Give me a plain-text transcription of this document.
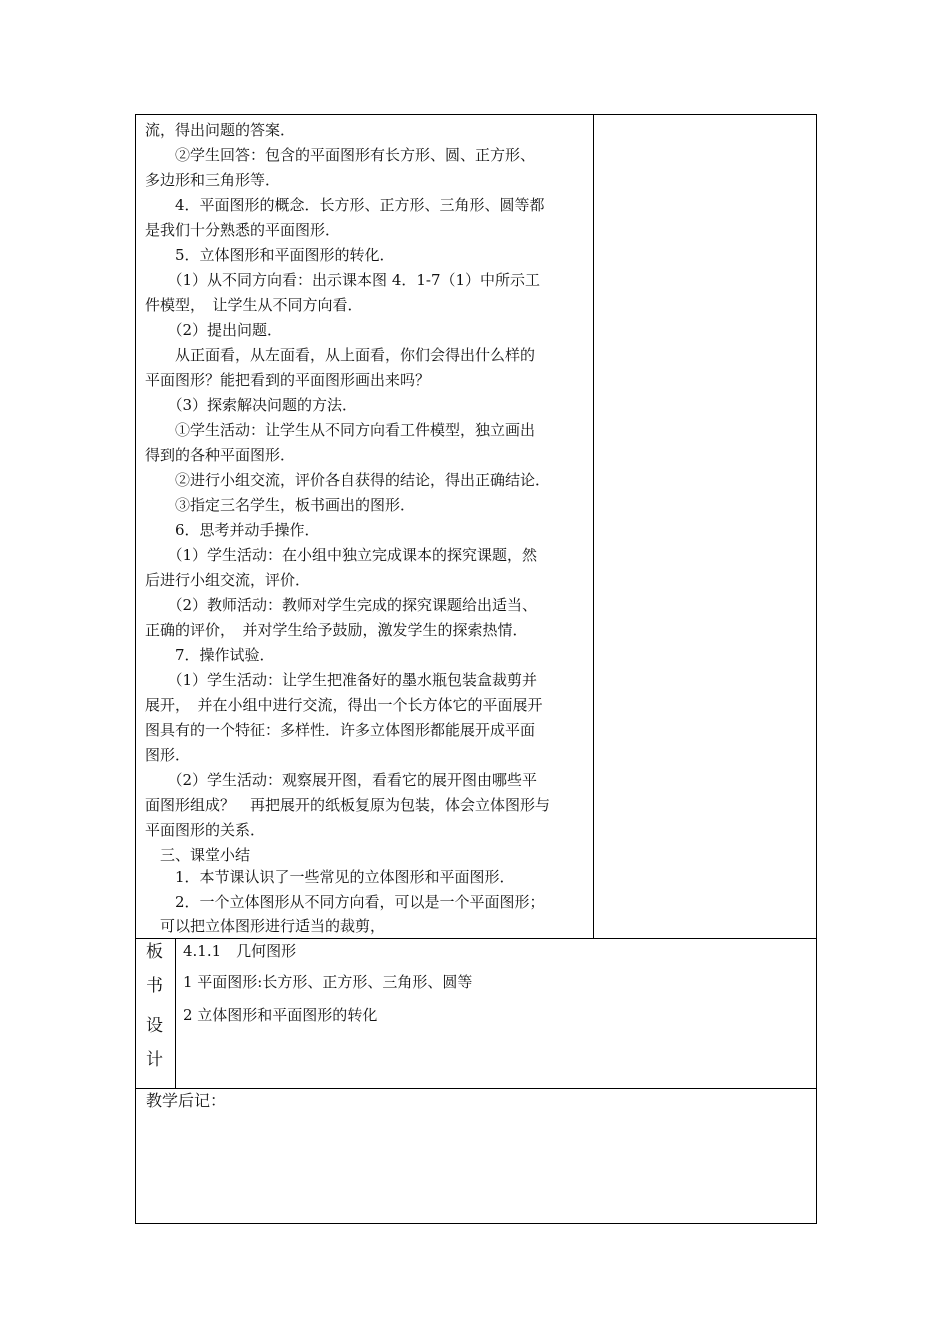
流，得出问题的答案．
　　②学生回答：包含的平面图形有长方形、圆、正方形、
多边形和三角形等．
　　4．平面图形的概念．长方形、正方形、三角形、圆等都
是我们十分熟悉的平面图形．
　　5．立体图形和平面图形的转化．
　　（1）从不同方向看：出示课本图 4．1-7（1）中所示工
件模型，　让学生从不同方向看．
　　（2）提出问题．
　　从正面看，从左面看，从上面看，你们会得出什么样的
平面图形？能把看到的平面图形画出来吗？
　　（3）探索解决问题的方法．
　　①学生活动：让学生从不同方向看工件模型，独立画出
得到的各种平面图形．
　　②进行小组交流，评价各自获得的结论，得出正确结论．
　　③指定三名学生，板书画出的图形．
　　6．思考并动手操作．
　　（1）学生活动：在小组中独立完成课本的探究课题，然
后进行小组交流，评价．
　　（2）教师活动：教师对学生完成的探究课题给出适当、
正确的评价，　并对学生给予鼓励，激发学生的探索热情．
　　7．操作试验．
　　（1）学生活动：让学生把准备好的墨水瓶包装盒裁剪并
展开，　并在小组中进行交流，得出一个长方体它的平面展开
图具有的一个特征：多样性．许多立体图形都能展开成平面
图形．
　　（2）学生活动：观察展开图，看看它的展开图由哪些平
面图形组成？　再把展开的纸板复原为包装，体会立体图形与
平面图形的关系．
　三、课堂小结
　　1．本节课认识了一些常见的立体图形和平面图形．
　　2．一个立体图形从不同方向看，可以是一个平面图形；
　可以把立体图形进行适当的裁剪，
板
书
设
计
4.1.1　几何图形
1 平面图形:长方形、正方形、三角形、圆等
2 立体图形和平面图形的转化
教学后记：
